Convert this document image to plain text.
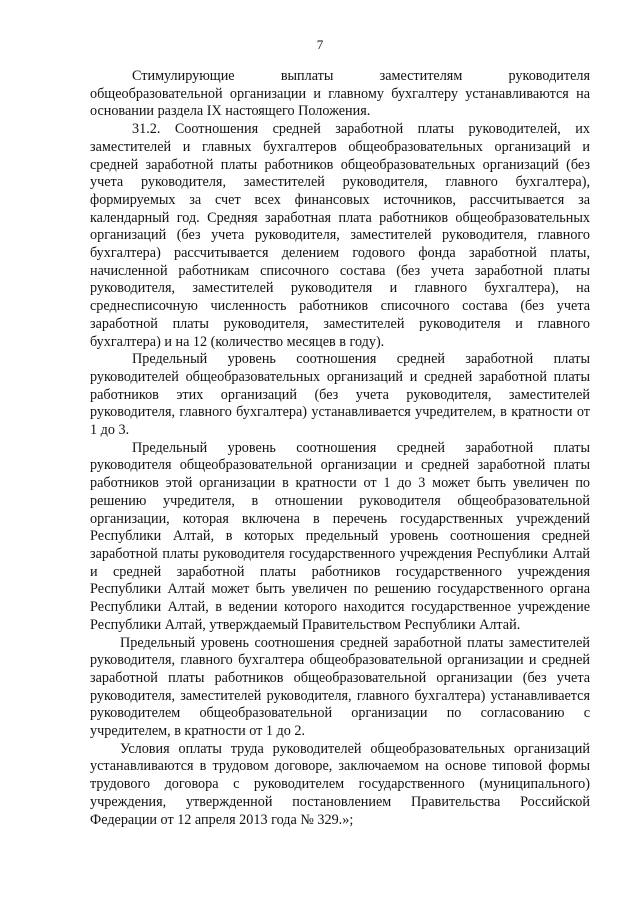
7

Стимулирующие выплаты заместителям руководителя общеобразовательной организации и главному бухгалтеру устанавливаются на основании раздела IX настоящего Положения.

31.2. Соотношения средней заработной платы руководителей, их заместителей и главных бухгалтеров общеобразовательных организаций и средней заработной платы работников общеобразовательных организаций (без учета руководителя, заместителей руководителя, главного бухгалтера), формируемых за счет всех финансовых источников, рассчитывается за календарный год. Средняя заработная плата работников общеобразовательных организаций (без учета руководителя, заместителей руководителя, главного бухгалтера) рассчитывается делением годового фонда заработной платы, начисленной работникам списочного состава (без учета заработной платы руководителя, заместителей руководителя и главного бухгалтера), на среднесписочную численность работников списочного состава (без учета заработной платы руководителя, заместителей руководителя и главного бухгалтера) и на 12 (количество месяцев в году).

Предельный уровень соотношения средней заработной платы руководителей общеобразовательных организаций и средней заработной платы работников этих организаций (без учета руководителя, заместителей руководителя, главного бухгалтера) устанавливается учредителем, в кратности от 1 до 3.

Предельный уровень соотношения средней заработной платы руководителя общеобразовательной организации и средней заработной платы работников этой организации в кратности от 1 до 3 может быть увеличен по решению учредителя, в отношении руководителя общеобразовательной организации, которая включена в перечень государственных учреждений Республики Алтай, в которых предельный уровень соотношения средней заработной платы руководителя государственного учреждения Республики Алтай и средней заработной платы работников государственного учреждения Республики Алтай может быть увеличен по решению государственного органа Республики Алтай, в ведении которого находится государственное учреждение Республики Алтай, утверждаемый Правительством Республики Алтай.

Предельный уровень соотношения средней заработной платы заместителей руководителя, главного бухгалтера общеобразовательной организации и средней заработной платы работников общеобразовательной организации (без учета руководителя, заместителей руководителя, главного бухгалтера) устанавливается руководителем общеобразовательной организации по согласованию с учредителем, в кратности от 1 до 2.

Условия оплаты труда руководителей общеобразовательных организаций устанавливаются в трудовом договоре, заключаемом на основе типовой формы трудового договора с руководителем государственного (муниципального) учреждения, утвержденной постановлением Правительства Российской Федерации от 12 апреля 2013 года № 329.»;
